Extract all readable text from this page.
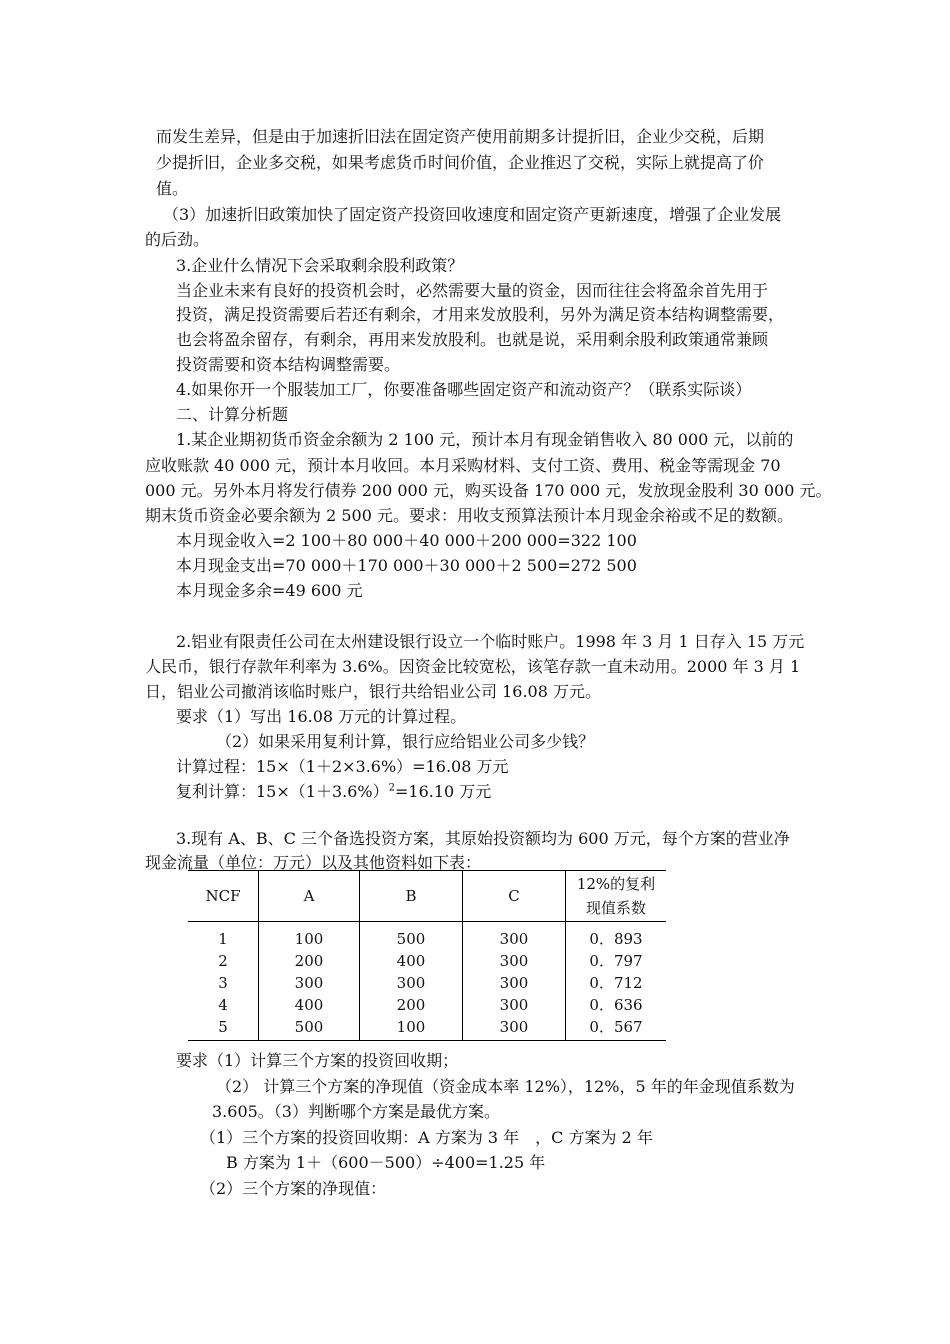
而发生差异，但是由于加速折旧法在固定资产使用前期多计提折旧，企业少交税，后期
少提折旧，企业多交税，如果考虑货币时间价值，企业推迟了交税，实际上就提高了价
值。
（3）加速折旧政策加快了固定资产投资回收速度和固定资产更新速度，增强了企业发展
的后劲。
3.企业什么情况下会采取剩余股利政策？
当企业未来有良好的投资机会时，必然需要大量的资金，因而往往会将盈余首先用于
投资，满足投资需要后若还有剩余，才用来发放股利，另外为满足资本结构调整需要，
也会将盈余留存，有剩余，再用来发放股利。也就是说，采用剩余股利政策通常兼顾
投资需要和资本结构调整需要。
4.如果你开一个服装加工厂，你要准备哪些固定资产和流动资产？（联系实际谈）
二、计算分析题
1.某企业期初货币资金余额为 2 100 元，预计本月有现金销售收入 80 000 元，以前的
应收账款 40 000 元，预计本月收回。本月采购材料、支付工资、费用、税金等需现金 70
000 元。另外本月将发行债券 200 000 元，购买设备 170 000 元，发放现金股利 30 000 元。
期末货币资金必要余额为 2 500 元。要求：用收支预算法预计本月现金余裕或不足的数额。
本月现金收入=2 100＋80 000＋40 000＋200 000=322 100
本月现金支出=70 000＋170 000＋30 000＋2 500=272 500
本月现金多余=49 600 元
2.铝业有限责任公司在太州建设银行设立一个临时账户。1998 年 3 月 1 日存入 15 万元
人民币，银行存款年利率为 3.6%。因资金比较宽松，该笔存款一直未动用。2000 年 3 月 1
日，铝业公司撤消该临时账户，银行共给铝业公司 16.08 万元。
要求（1）写出 16.08 万元的计算过程。
（2）如果采用复利计算，银行应给铝业公司多少钱？
计算过程：15×（1＋2×3.6%）=16.08 万元
复利计算：$15\times(1+3.6\%)^2=16.10$ 万元
3.现有 A、B、C 三个备选投资方案，其原始投资额均为 600 万元，每个方案的营业净
现金流量（单位：万元）以及其他资料如下表：
NCF	A	B	C	12%的复利
现值系数
1	100	500	300	0．893
2	200	400	300	0．797
3	300	300	300	0．712
4	400	200	300	0．636
5	500	100	300	0．567
要求（1）计算三个方案的投资回收期；
（2） 计算三个方案的净现值（资金成本率 12%），12%，5 年的年金现值系数为
3.605。（3）判断哪个方案是最优方案。
（1）三个方案的投资回收期：A 方案为 3 年　，C 方案为 2 年
B 方案为 1＋（600－500）÷400=1.25 年
（2）三个方案的净现值：
